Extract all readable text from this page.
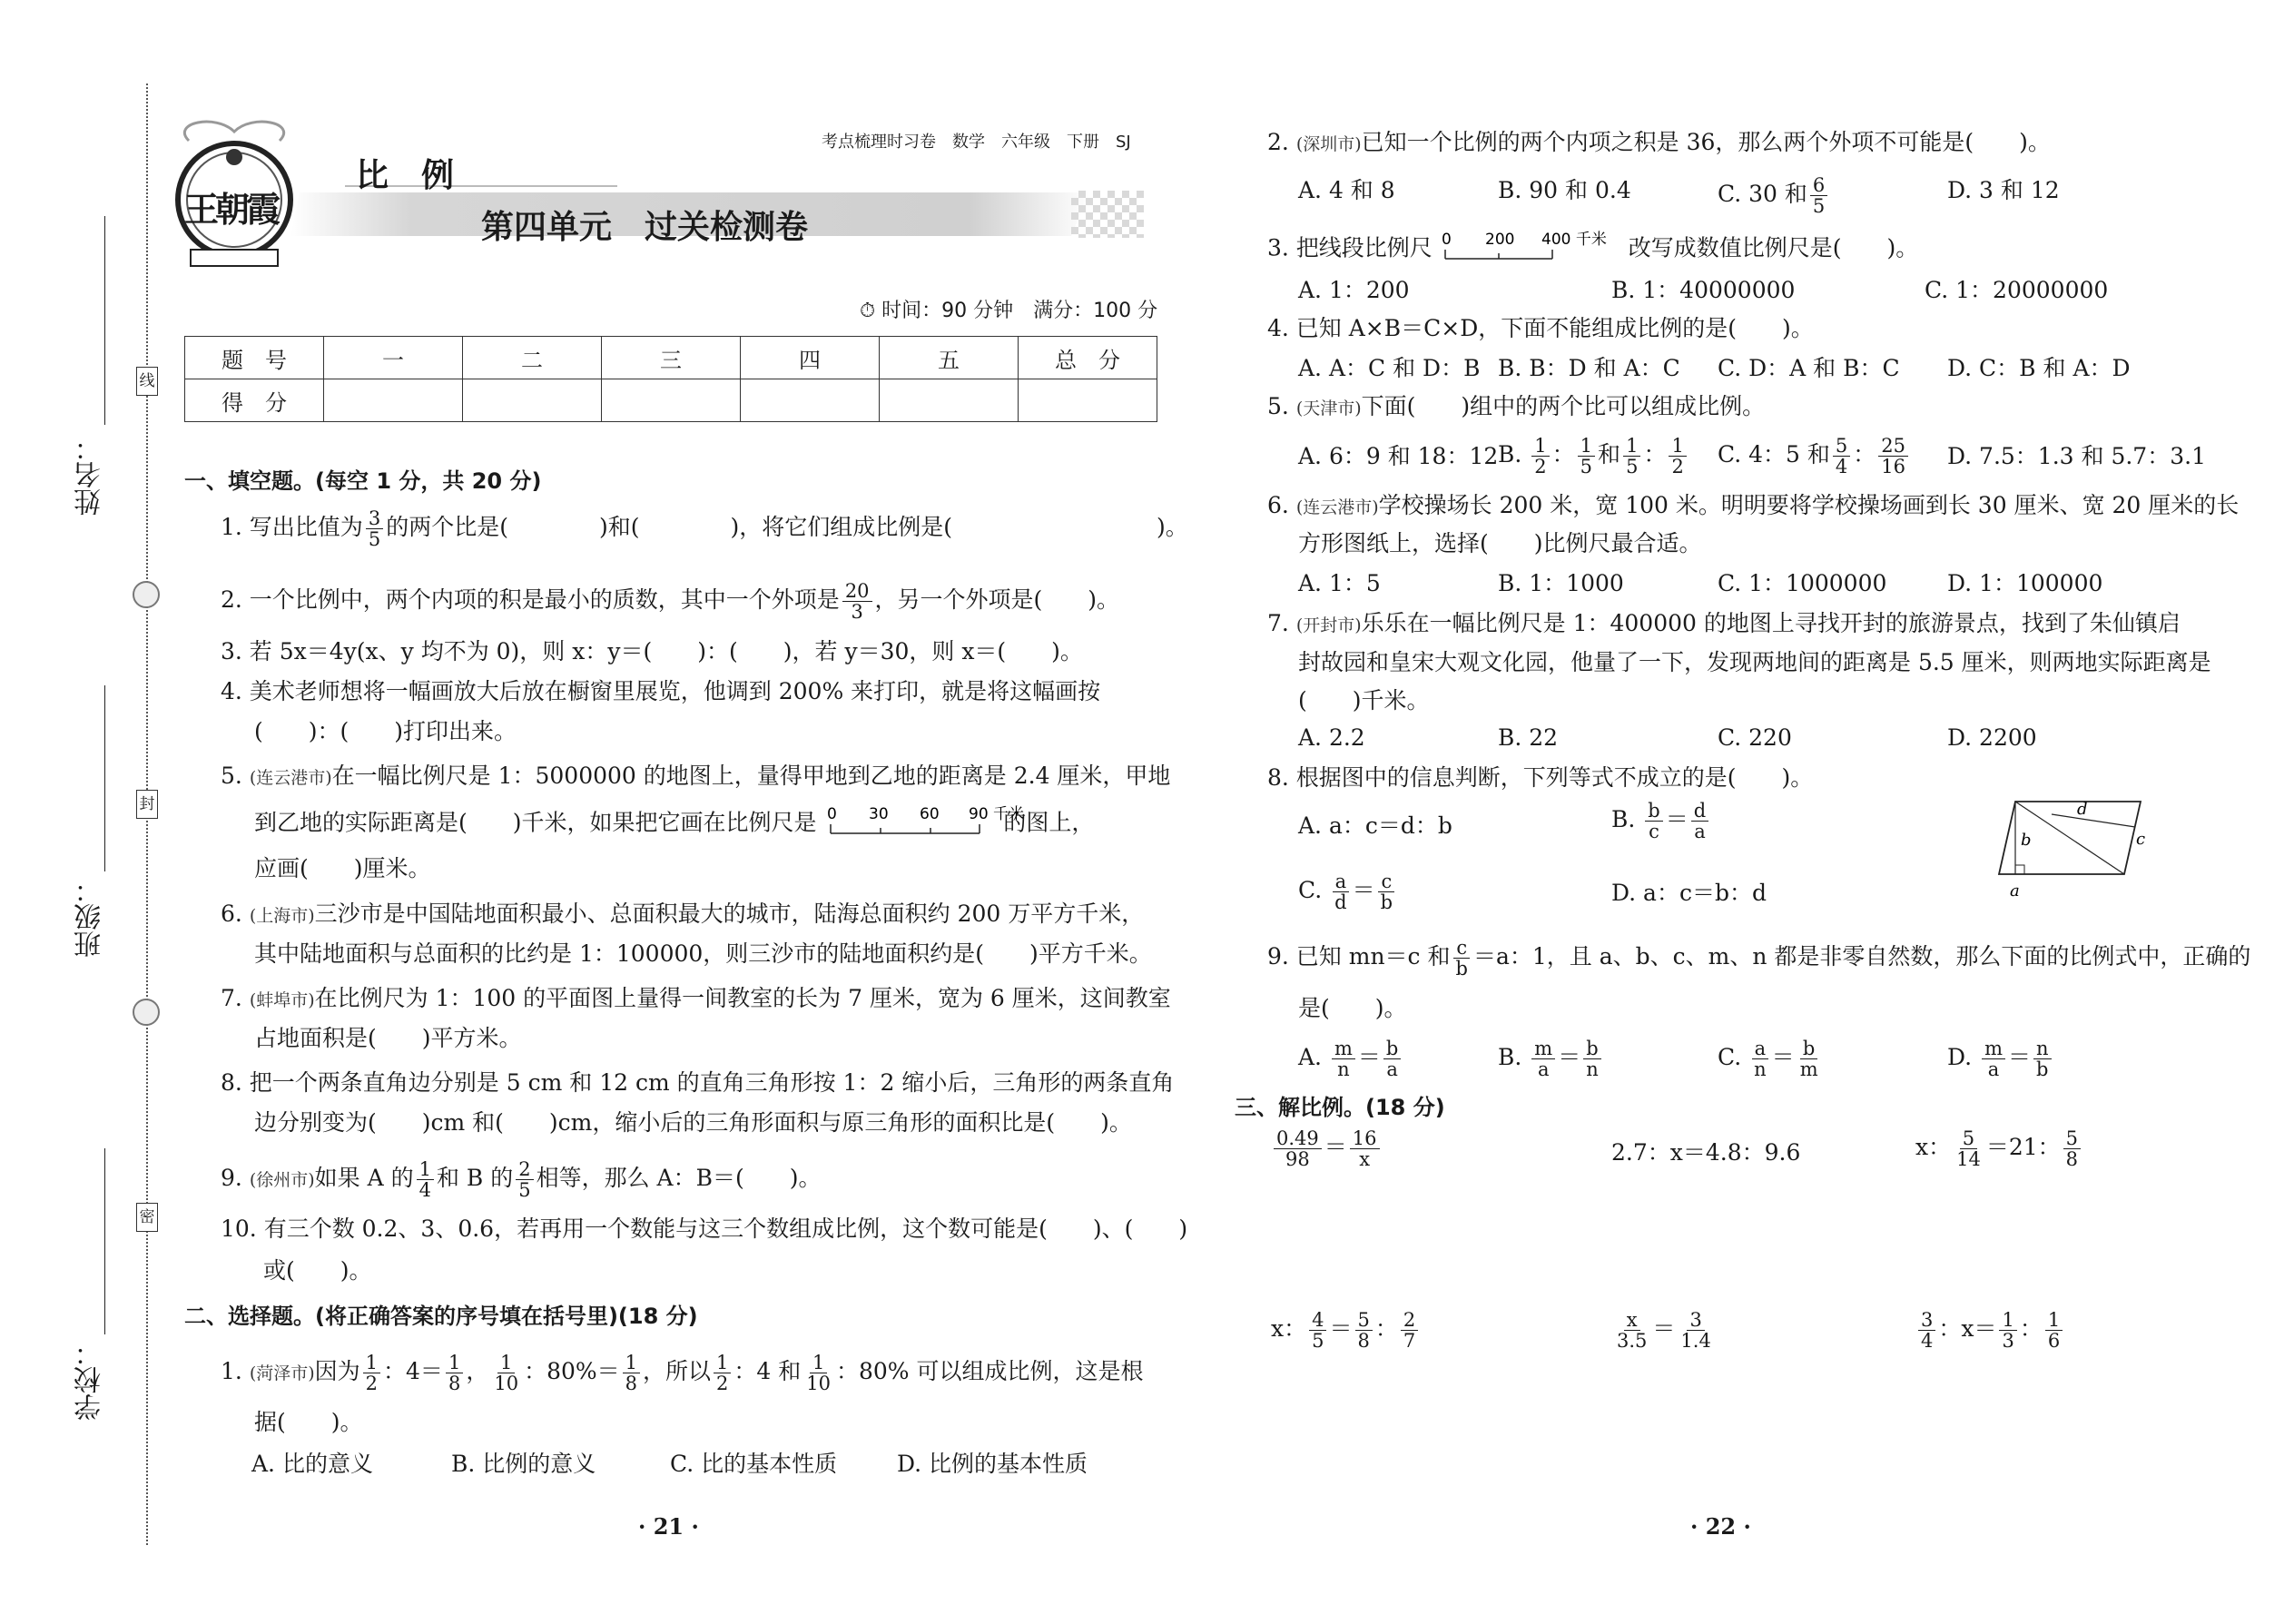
姓名：
班级：
学校：
线
封
密
王朝霞
考点梳理时习卷　数学　六年级　下册　SJ
比　例
第四单元　过关检测卷
⏱ 时间：90 分钟　满分：100 分
题　号	一	二	三	四	五	总　分
得　分						
一、填空题。(每空 1 分，共 20 分)
1. 写出比值为 $\frac{3}{5}$ 的两个比是(　　　　)和(　　　　)，将它们组成比例是(　　　　　　　　　)。
2. 一个比例中，两个内项的积是最小的质数，其中一个外项是 $\frac{20}{3}$ ，另一个外项是(　　)。
3. 若 5x＝4y(x、y 均不为 0)，则 x：y＝(　　)：(　　)，若 y＝30，则 x＝(　　)。
4. 美术老师想将一幅画放大后放在橱窗里展览，他调到 200% 来打印，就是将这幅画按
(　　)：(　　)打印出来。
5. (连云港市)在一幅比例尺是 1：5000000 的地图上，量得甲地到乙地的距离是 2.4 厘米，甲地
到乙地的实际距离是(　　)千米，如果把它画在比例尺是 0 30 60 90 千米
的图上，
应画(　　)厘米。
6. (上海市)三沙市是中国陆地面积最小、总面积最大的城市，陆海总面积约 200 万平方千米，
其中陆地面积与总面积的比约是 1：100000，则三沙市的陆地面积约是(　　)平方千米。
7. (蚌埠市)在比例尺为 1：100 的平面图上量得一间教室的长为 7 厘米，宽为 6 厘米，这间教室
占地面积是(　　)平方米。
8. 把一个两条直角边分别是 5 cm 和 12 cm 的直角三角形按 1：2 缩小后，三角形的两条直角
边分别变为(　　)cm 和(　　)cm，缩小后的三角形面积与原三角形的面积比是(　　)。
9. (徐州市)如果 A 的 $\frac{1}{4}$ 和 B 的 $\frac{2}{5}$ 相等，那么 A：B＝(　　)。
10. 有三个数 0.2、3、0.6，若再用一个数能与这三个数组成比例，这个数可能是(　　)、(　　)
或(　　)。
二、选择题。(将正确答案的序号填在括号里)(18 分)
1. (菏泽市)因为 $\frac{1}{2}$ ：$4= \frac{1}{8}$ ， $\frac{1}{10}$ ：$80\%= \frac{1}{8}$ ，所以 $\frac{1}{2}$ ：4 和 $\frac{1}{10}$ ：80% 可以组成比例，这是根
据(　　)。
A. 比的意义	B. 比例的意义	C. 比的基本性质	D. 比例的基本性质
· 21 ·
2. (深圳市)已知一个比例的两个内项之积是 36，那么两个外项不可能是(　　)。
A. 4 和 8	B. 90 和 0.4	C. 30 和 $\frac{6}{5}$	D. 3 和 12
3. 把线段比例尺 0 200 400 千米 改写成数值比例尺是(　　)。
A. 1：200	B. 1：40000000	C. 1：20000000
4. 已知 A×B＝C×D，下面不能组成比例的是(　　)。
A. A：C 和 D：B B. B：D 和 A：C C. D：A 和 B：C D. C：B 和 A：D
5. (天津市)下面(　　)组中的两个比可以组成比例。
A. 6：9 和 18：12 B. $\frac{1}{2}$ ： $\frac{1}{5}$ 和 $\frac{1}{5}$ ： $\frac{1}{2} C$. 4：5 和 $\frac{5}{4}$ ： $\frac{25}{16} D$. 7.5：1.3 和 5.7：3.1
6. (连云港市)学校操场长 200 米，宽 100 米。明明要将学校操场画到长 30 厘米、宽 20 厘米的长
方形图纸上，选择(　　)比例尺最合适。
A. 1：5	B. 1：1000	C. 1：1000000	D. 1：100000
7. (开封市)乐乐在一幅比例尺是 1：400000 的地图上寻找开封的旅游景点，找到了朱仙镇启
封故园和皇宋大观文化园，他量了一下，发现两地间的距离是 5.5 厘米，则两地实际距离是
(　　)千米。
A. 2.2	B. 22	C. 220	D. 2200
8. 根据图中的信息判断，下列等式不成立的是(　　)。
A. a：c＝d：b	B. $\frac{b}{c} = \frac{d}{a}$
C. $\frac{a}{d} = \frac{c}{b}$	D. a：c＝b：d
d
b	c
a
9. 已知 mn＝c 和 $\frac{c}{b} =a$：1，且 a、b、c、m、n 都是非零自然数，那么下面的比例式中，正确的
是(　　)。
A. $\frac{m}{n} = \frac{b}{a}$	B. $\frac{m}{a} = \frac{b}{n}$	C. $\frac{a}{n} = \frac{b}{m}$	D. $\frac{m}{a} = \frac{n}{b}$
三、解比例。(18 分)
$\frac{0.49}{98} = \frac{16}{x}$	2.7：x＝4.8：9.6	x： $\frac{5}{14} =21$： $\frac{5}{8}$
x： $\frac{4}{5} = \frac{5}{8}$ ： $\frac{2}{7}$	$\frac{x}{3.5} = \frac{3}{1.4}$	$\frac{3}{4}$ ：$x= \frac{1}{3}$ ： $\frac{1}{6}$
· 22 ·
